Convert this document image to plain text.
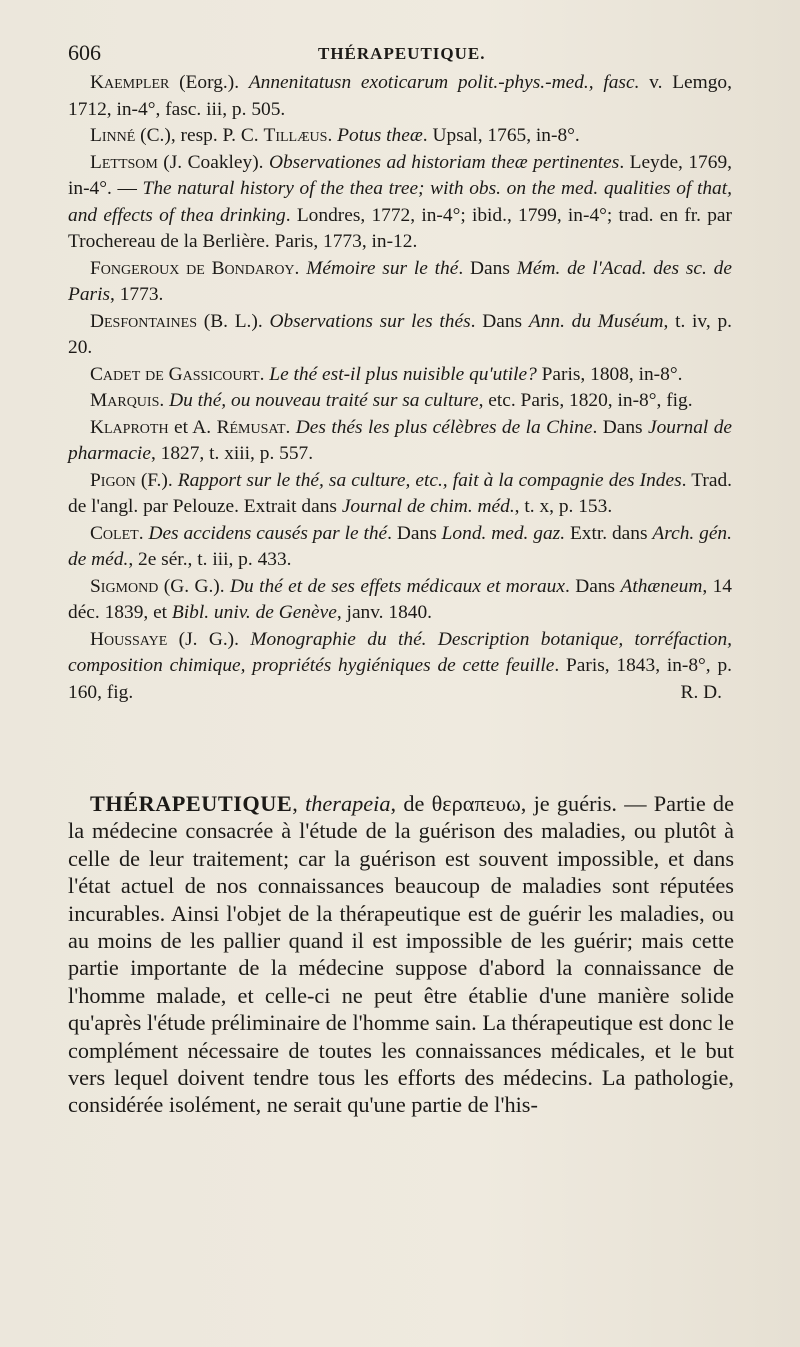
606	THÉRAPEUTIQUE.

Kaempler (Eorg.). Annenitatusn exoticarum polit.-phys.-med., fasc. v. Lemgo, 1712, in-4°, fasc. iii, p. 505.

Linné (C.), resp. P. C. Tillæus. Potus theæ. Upsal, 1765, in-8°.

Lettsom (J. Coakley). Observationes ad historiam theæ pertinentes. Leyde, 1769, in-4°. — The natural history of the thea tree; with obs. on the med. qualities of that, and effects of thea drinking. Londres, 1772, in-4°; ibid., 1799, in-4°; trad. en fr. par Trochereau de la Berlière. Paris, 1773, in-12.

Fongeroux de Bondaroy. Mémoire sur le thé. Dans Mém. de l'Acad. des sc. de Paris, 1773.

Desfontaines (B. L.). Observations sur les thés. Dans Ann. du Muséum, t. iv, p. 20.

Cadet de Gassicourt. Le thé est-il plus nuisible qu'utile? Paris, 1808, in-8°.

Marquis. Du thé, ou nouveau traité sur sa culture, etc. Paris, 1820, in-8°, fig.

Klaproth et A. Rémusat. Des thés les plus célèbres de la Chine. Dans Journal de pharmacie, 1827, t. xiii, p. 557.

Pigon (F.). Rapport sur le thé, sa culture, etc., fait à la compagnie des Indes. Trad. de l'angl. par Pelouze. Extrait dans Journal de chim. méd., t. x, p. 153.

Colet. Des accidens causés par le thé. Dans Lond. med. gaz. Extr. dans Arch. gén. de méd., 2e sér., t. iii, p. 433.

Sigmond (G. G.). Du thé et de ses effets médicaux et moraux. Dans Athæneum, 14 déc. 1839, et Bibl. univ. de Genève, janv. 1840.

Houssaye (J. G.). Monographie du thé. Description botanique, torréfaction, composition chimique, propriétés hygiéniques de cette feuille. Paris, 1843, in-8°, p. 160, fig.	R. D.

THÉRAPEUTIQUE, therapeia, de θεραπευω, je guéris. — Partie de la médecine consacrée à l'étude de la guérison des maladies, ou plutôt à celle de leur traitement; car la guérison est souvent impossible, et dans l'état actuel de nos connaissances beaucoup de maladies sont réputées incurables. Ainsi l'objet de la thérapeutique est de guérir les maladies, ou au moins de les pallier quand il est impossible de les guérir; mais cette partie importante de la médecine suppose d'abord la connaissance de l'homme malade, et celle-ci ne peut être établie d'une manière solide qu'après l'étude préliminaire de l'homme sain. La thérapeutique est donc le complément nécessaire de toutes les connaissances médicales, et le but vers lequel doivent tendre tous les efforts des médecins. La pathologie, considérée isolément, ne serait qu'une partie de l'his-
